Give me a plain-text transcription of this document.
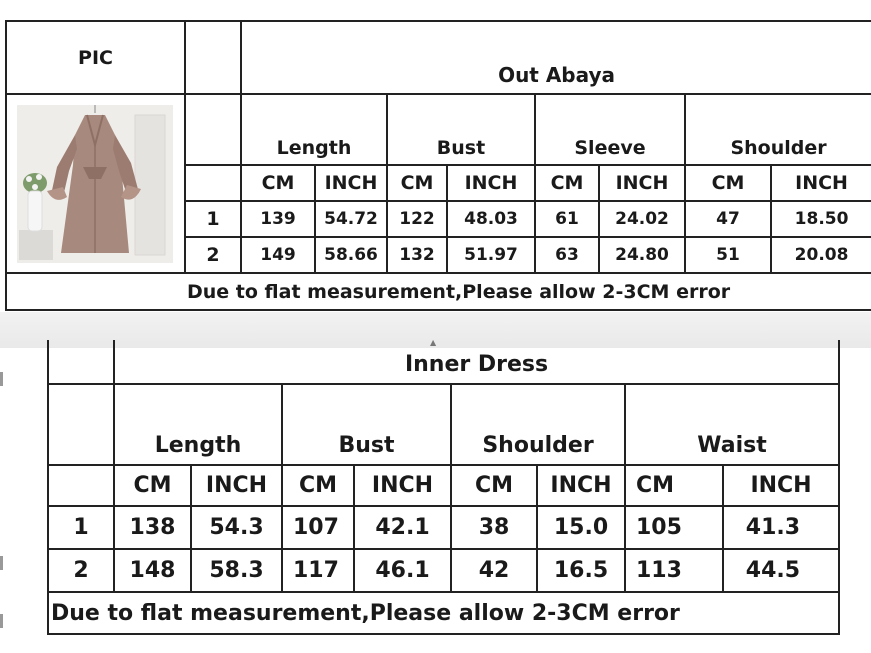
PIC		Out Abaya							

		Length		Bust		Sleeve		Shoulder	
		CM	INCH	CM	INCH	CM	INCH	CM	INCH
	1	139	54.72	122	48.03	61	24.02	47	18.50
	2	149	58.66	132	51.97	63	24.80	51	20.08
Due to flat measurement,Please allow 2-3CM error									
▲
	Inner Dress							
	Length		Bust		Shoulder		Waist	
	CM	INCH	CM	INCH	CM	INCH	CM	INCH
1	138	54.3	107	42.1	38	15.0	105	41.3
2	148	58.3	117	46.1	42	16.5	113	44.5
Due to flat measurement,Please allow 2-3CM error								
